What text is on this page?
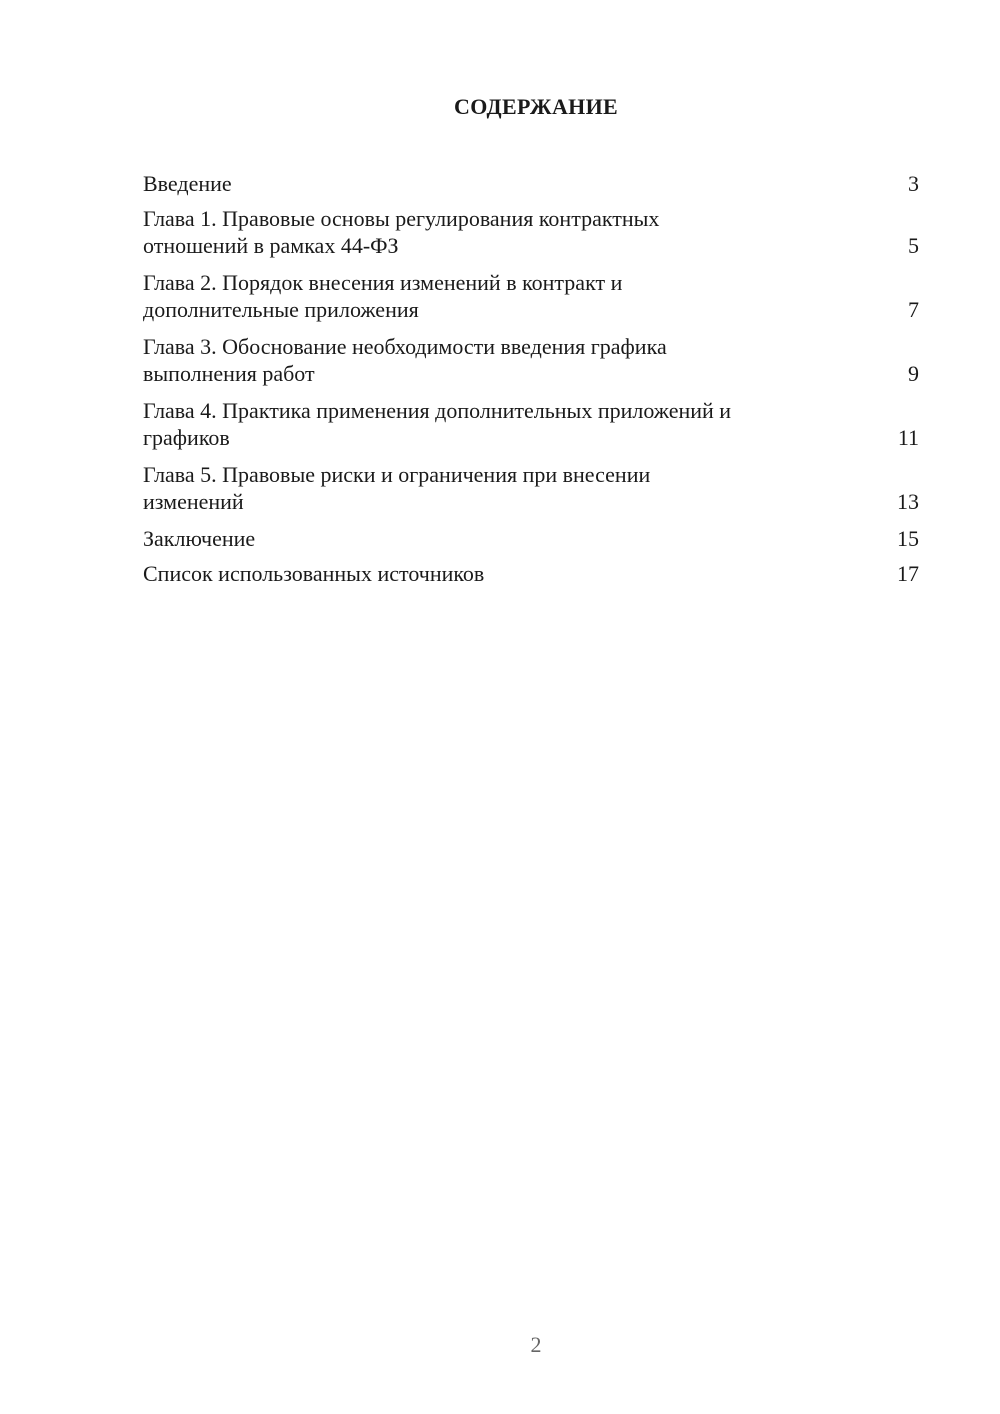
СОДЕРЖАНИЕ
Введение	3
Глава 1. Правовые основы регулирования контрактных
отношений в рамках 44-ФЗ	5
Глава 2. Порядок внесения изменений в контракт и
дополнительные приложения	7
Глава 3. Обоснование необходимости введения графика
выполнения работ	9
Глава 4. Практика применения дополнительных приложений и
графиков	11
Глава 5. Правовые риски и ограничения при внесении
изменений	13
Заключение	15
Список использованных источников	17
2
